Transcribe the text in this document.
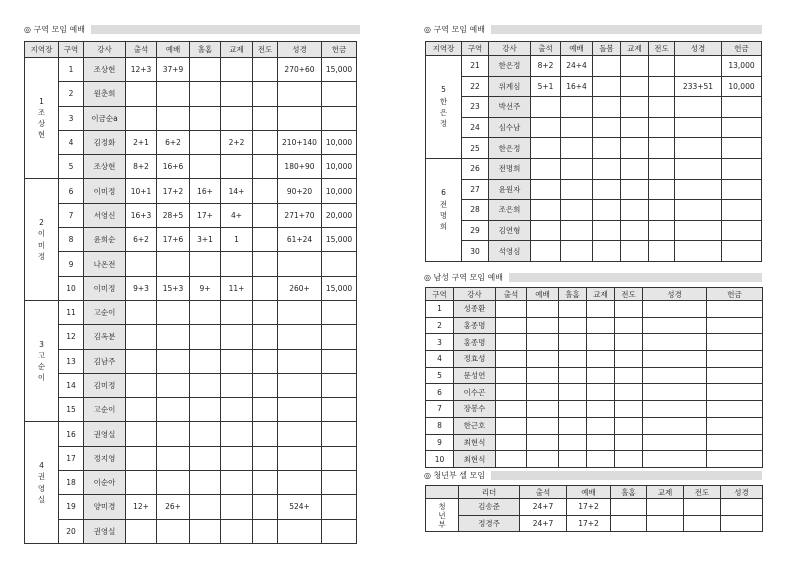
◎ 구역 모임 예배
지역장	구역	강사	출석	예배	홀홈	교제	전도	성경	헌금

1
조
상
현	1	조상현	12+3	37+9				270+60	15,000
	2	원춘희							
	3	이금순a							
	4	김정화	2+1	6+2		2+2		210+140	10,000
	5	조상현	8+2	16+6				180+90	10,000

2
이
미
정	6	이미정	10+1	17+2	16+	14+		90+20	10,000
	7	서영신	16+3	28+5	17+	4+		271+70	20,000
	8	윤희순	6+2	17+6	3+1	1		61+24	15,000
	9	나온전							
	10	이미정	9+3	15+3	9+	11+		260+	15,000

3
고
순
이	11	고순이							
	12	김옥분							
	13	김남주							
	14	김미정							
	15	고순이							

4
권
영
실	16	권영실							
	17	정지영							
	18	이순아							
	19	양미경	12+	26+				524+	
	20	권영실							
◎ 구역 모임 예배
지역장	구역	강사	출석	예배	돌봄	교제	전도	성경	헌금

5
한
은
정	21	한은정	8+2	24+4					13,000
	22	위계심	5+1	16+4				233+51	10,000
	23	박선주							
	24	심수남							
	25	한은정							

6
전
명
희	26	전명희							
	27	윤원자							
	28	조은희							
	29	김연형							
	30	석영심							
◎ 남성 구역 모임 예배
구역	강사	출석	예배	홀홈	교제	전도	성경	헌금
1	성종환							
2	홍종명							
3	홍종명							
4	정효성							
5	문성연							
6	이수곤							
7	장봉수							
8	한근호							
9	최현식							
10	최현식							
◎ 청년부 셀 모임
	리더	출석	예배	홀홈	교제	전도	성경

청
년
부	김송준	24+7	17+2				
	정경주	24+7	17+2				
